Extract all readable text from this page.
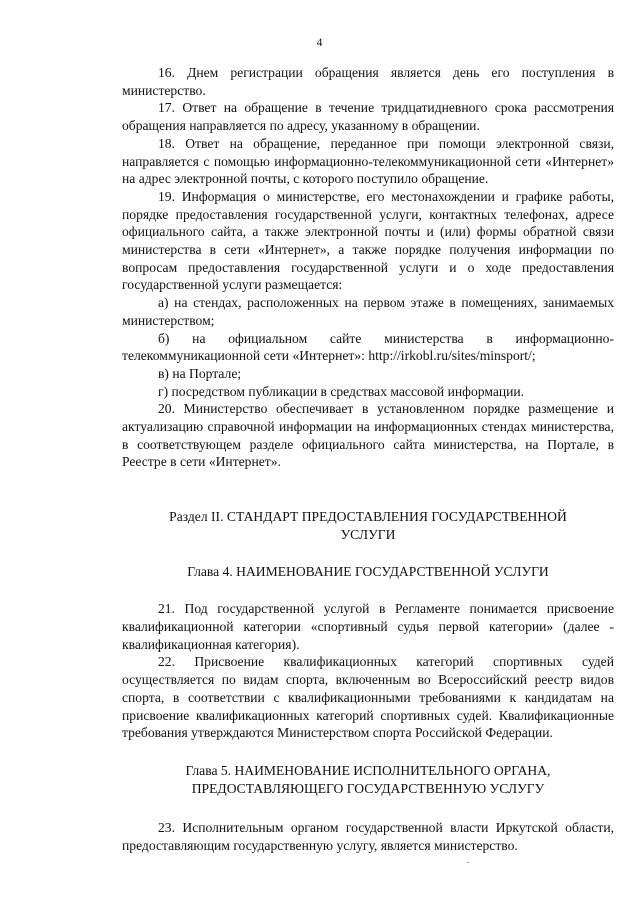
4

16. Днем регистрации обращения является день его поступления в министерство.

17. Ответ на обращение в течение тридцатидневного срока рассмотрения обращения направляется по адресу, указанному в обращении.

18. Ответ на обращение, переданное при помощи электронной связи, направляется с помощью информационно-телекоммуникационной сети «Интернет» на адрес электронной почты, с которого поступило обращение.

19. Информация о министерстве, его местонахождении и графике работы, порядке предоставления государственной услуги, контактных телефонах, адресе официального сайта, а также электронной почты и (или) формы обратной связи министерства в сети «Интернет», а также порядке получения информации по вопросам предоставления государственной услуги и о ходе предоставления государственной услуги размещается:

а) на стендах, расположенных на первом этаже в помещениях, занимаемых министерством;

б) на официальном сайте министерства в информационно-телекоммуникационной сети «Интернет»: http://irkobl.ru/sites/minsport/;

в) на Портале;

г) посредством публикации в средствах массовой информации.

20. Министерство обеспечивает в установленном порядке размещение и актуализацию справочной информации на информационных стендах министерства, в соответствующем разделе официального сайта министерства, на Портале, в Реестре в сети «Интернет».

Раздел II. СТАНДАРТ ПРЕДОСТАВЛЕНИЯ ГОСУДАРСТВЕННОЙ
УСЛУГИ
Глава 4. НАИМЕНОВАНИЕ ГОСУДАРСТВЕННОЙ УСЛУГИ

21. Под государственной услугой в Регламенте понимается присвоение квалификационной категории «спортивный судья первой категории» (далее - квалификационная категория).

22. Присвоение квалификационных категорий спортивных судей осуществляется по видам спорта, включенным во Всероссийский реестр видов спорта, в соответствии с квалификационными требованиями к кандидатам на присвоение квалификационных категорий спортивных судей. Квалификационные требования утверждаются Министерством спорта Российской Федерации.

Глава 5. НАИМЕНОВАНИЕ ИСПОЛНИТЕЛЬНОГО ОРГАНА,
ПРЕДОСТАВЛЯЮЩЕГО ГОСУДАРСТВЕННУЮ УСЛУГУ

23. Исполнительным органом государственной власти Иркутской области, предоставляющим государственную услугу, является министерство.
